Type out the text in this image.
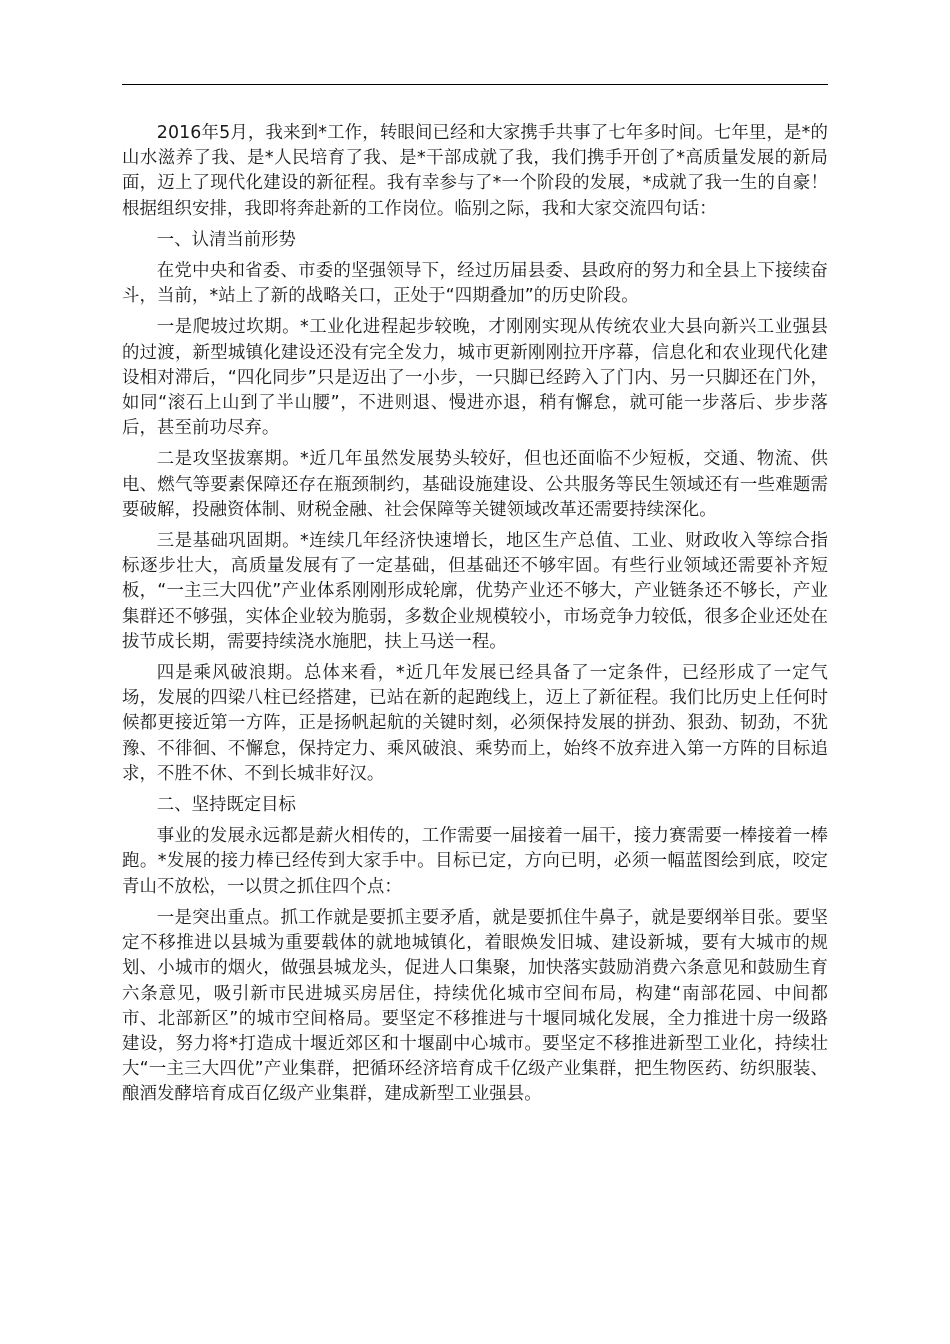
2016年5月，我来到*工作，转眼间已经和大家携手共事了七年多时间。七年里，是*的山水滋养了我、是*人民培育了我、是*干部成就了我，我们携手开创了*高质量发展的新局面，迈上了现代化建设的新征程。我有幸参与了*一个阶段的发展，*成就了我一生的自豪！根据组织安排，我即将奔赴新的工作岗位。临别之际，我和大家交流四句话：

一、认清当前形势

在党中央和省委、市委的坚强领导下，经过历届县委、县政府的努力和全县上下接续奋斗，当前，*站上了新的战略关口，正处于“四期叠加”的历史阶段。

一是爬坡过坎期。*工业化进程起步较晚，才刚刚实现从传统农业大县向新兴工业强县的过渡，新型城镇化建设还没有完全发力，城市更新刚刚拉开序幕，信息化和农业现代化建设相对滞后，“四化同步”只是迈出了一小步，一只脚已经跨入了门内、另一只脚还在门外，如同“滚石上山到了半山腰”，不进则退、慢进亦退，稍有懈怠，就可能一步落后、步步落后，甚至前功尽弃。

二是攻坚拔寨期。*近几年虽然发展势头较好，但也还面临不少短板，交通、物流、供电、燃气等要素保障还存在瓶颈制约，基础设施建设、公共服务等民生领域还有一些难题需要破解，投融资体制、财税金融、社会保障等关键领域改革还需要持续深化。

三是基础巩固期。*连续几年经济快速增长，地区生产总值、工业、财政收入等综合指标逐步壮大，高质量发展有了一定基础，但基础还不够牢固。有些行业领域还需要补齐短板，“一主三大四优”产业体系刚刚形成轮廓，优势产业还不够大，产业链条还不够长，产业集群还不够强，实体企业较为脆弱，多数企业规模较小，市场竞争力较低，很多企业还处在拔节成长期，需要持续浇水施肥，扶上马送一程。

四是乘风破浪期。总体来看，*近几年发展已经具备了一定条件，已经形成了一定气场，发展的四梁八柱已经搭建，已站在新的起跑线上，迈上了新征程。我们比历史上任何时候都更接近第一方阵，正是扬帆起航的关键时刻，必须保持发展的拼劲、狠劲、韧劲，不犹豫、不徘徊、不懈怠，保持定力、乘风破浪、乘势而上，始终不放弃进入第一方阵的目标追求，不胜不休、不到长城非好汉。

二、坚持既定目标

事业的发展永远都是薪火相传的，工作需要一届接着一届干，接力赛需要一棒接着一棒跑。*发展的接力棒已经传到大家手中。目标已定，方向已明，必须一幅蓝图绘到底，咬定青山不放松，一以贯之抓住四个点：

一是突出重点。抓工作就是要抓主要矛盾，就是要抓住牛鼻子，就是要纲举目张。要坚定不移推进以县城为重要载体的就地城镇化，着眼焕发旧城、建设新城，要有大城市的规划、小城市的烟火，做强县城龙头，促进人口集聚，加快落实鼓励消费六条意见和鼓励生育六条意见，吸引新市民进城买房居住，持续优化城市空间布局，构建“南部花园、中间都市、北部新区”的城市空间格局。要坚定不移推进与十堰同城化发展，全力推进十房一级路建设，努力将*打造成十堰近郊区和十堰副中心城市。要坚定不移推进新型工业化，持续壮大“一主三大四优”产业集群，把循环经济培育成千亿级产业集群，把生物医药、纺织服装、酿酒发酵培育成百亿级产业集群，建成新型工业强县。
